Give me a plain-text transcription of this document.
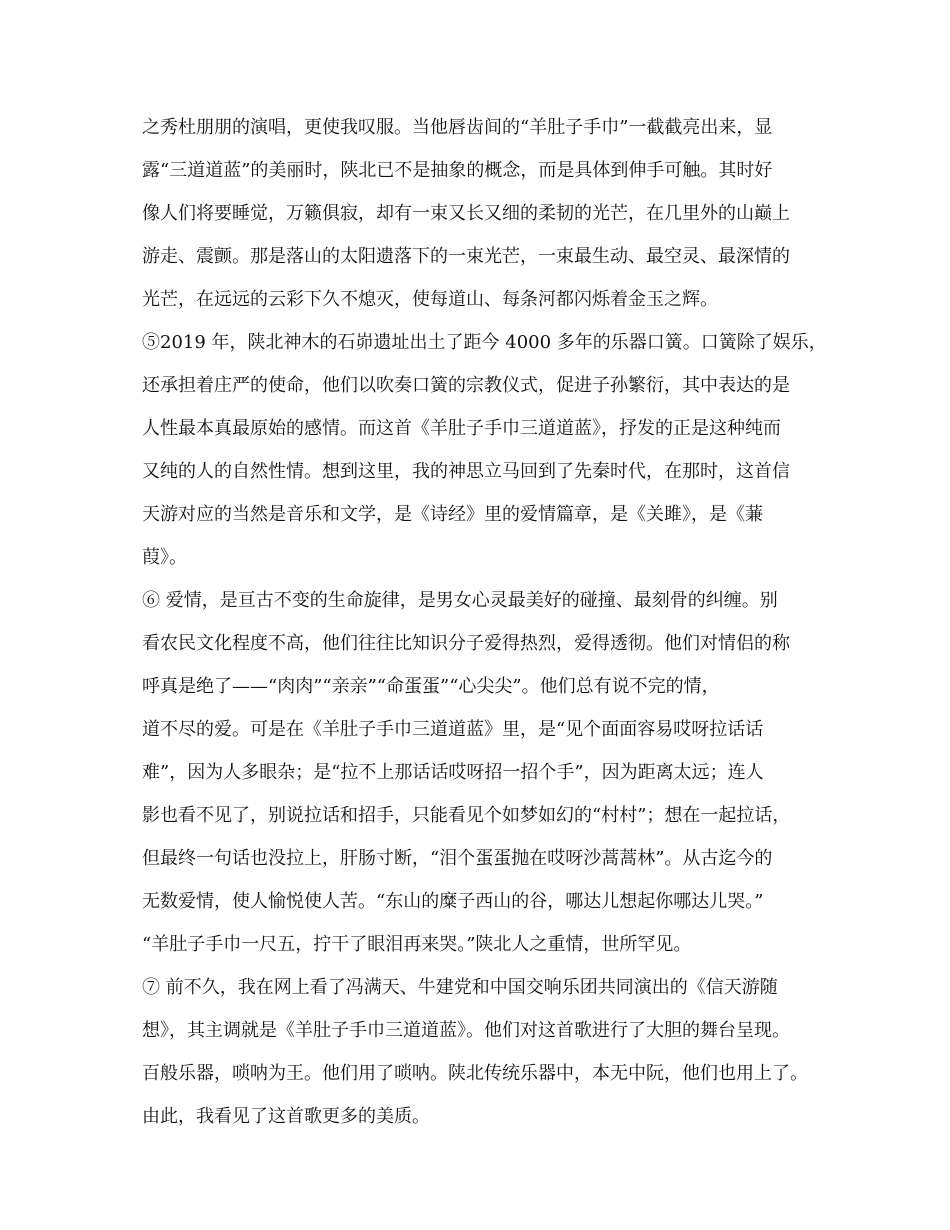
之秀杜朋朋的演唱，更使我叹服。当他唇齿间的“羊肚子手巾”一截截亮出来，显
露“三道道蓝”的美丽时，陕北已不是抽象的概念，而是具体到伸手可触。其时好
像人们将要睡觉，万籁俱寂，却有一束又长又细的柔韧的光芒，在几里外的山巅上
游走、震颤。那是落山的太阳遗落下的一束光芒，一束最生动、最空灵、最深情的
光芒，在远远的云彩下久不熄灭，使每道山、每条河都闪烁着金玉之辉。
⑤2019 年，陕北神木的石峁遗址出土了距今 4000 多年的乐器口簧。口簧除了娱乐，
还承担着庄严的使命，他们以吹奏口簧的宗教仪式，促进子孙繁衍，其中表达的是
人性最本真最原始的感情。而这首《羊肚子手巾三道道蓝》，抒发的正是这种纯而
又纯的人的自然性情。想到这里，我的神思立马回到了先秦时代，在那时，这首信
天游对应的当然是音乐和文学，是《诗经》里的爱情篇章，是《关雎》，是《蒹
葭》。
⑥ 爱情，是亘古不变的生命旋律，是男女心灵最美好的碰撞、最刻骨的纠缠。别
看农民文化程度不高，他们往往比知识分子爱得热烈，爱得透彻。他们对情侣的称
呼真是绝了——“肉肉”“亲亲”“命蛋蛋”“心尖尖”。他们总有说不完的情，
道不尽的爱。可是在《羊肚子手巾三道道蓝》里，是“见个面面容易哎呀拉话话
难”，因为人多眼杂；是“拉不上那话话哎呀招一招个手”，因为距离太远；连人
影也看不见了，别说拉话和招手，只能看见个如梦如幻的“村村”；想在一起拉话，
但最终一句话也没拉上，肝肠寸断，“泪个蛋蛋抛在哎呀沙蒿蒿林”。从古迄今的
无数爱情，使人愉悦使人苦。“东山的糜子西山的谷，哪达儿想起你哪达儿哭。”
“羊肚子手巾一尺五，拧干了眼泪再来哭。”陕北人之重情，世所罕见。
⑦ 前不久，我在网上看了冯满天、牛建党和中国交响乐团共同演出的《信天游随
想》，其主调就是《羊肚子手巾三道道蓝》。他们对这首歌进行了大胆的舞台呈现。
百般乐器，唢呐为王。他们用了唢呐。陕北传统乐器中，本无中阮，他们也用上了。
由此，我看见了这首歌更多的美质。
